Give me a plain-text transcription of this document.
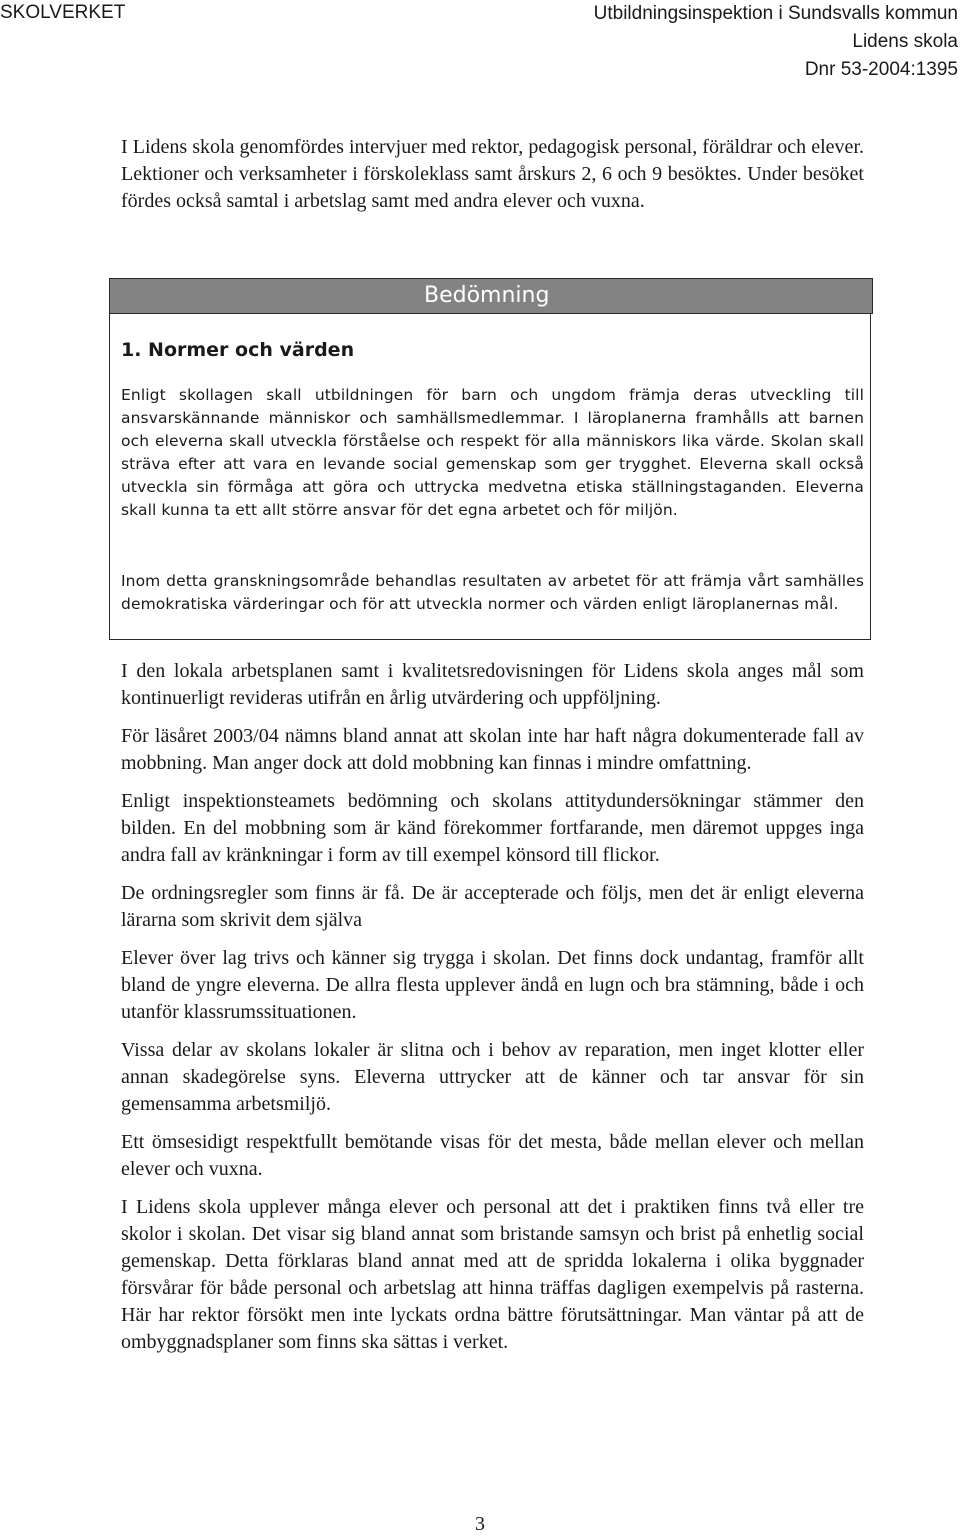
SKOLVERKET	Utbildningsinspektion i Sundsvalls kommun
Lidens skola
Dnr 53-2004:1395

I Lidens skola genomfördes intervjuer med rektor, pedagogisk personal, föräldrar och elever. Lektioner och verksamheter i förskoleklass samt årskurs 2, 6 och 9 besöktes. Under besöket fördes också samtal i arbetslag samt med andra elever och vuxna.

Bedömning
1. Normer och värden

Enligt skollagen skall utbildningen för barn och ungdom främja deras utveckling till ansvarskännande människor och samhällsmedlemmar. I läroplanerna framhålls att barnen och eleverna skall utveckla förståelse och respekt för alla människors lika värde. Skolan skall sträva efter att vara en levande social gemenskap som ger trygghet. Eleverna skall också utveckla sin förmåga att göra och uttrycka medvetna etiska ställningstaganden. Eleverna skall kunna ta ett allt större ansvar för det egna arbetet och för miljön.

Inom detta granskningsområde behandlas resultaten av arbetet för att främja vårt samhälles demokratiska värderingar och för att utveckla normer och värden enligt läroplanernas mål.

I den lokala arbetsplanen samt i kvalitetsredovisningen för Lidens skola anges mål som kontinuerligt revideras utifrån en årlig utvärdering och uppföljning.

För läsåret 2003/04 nämns bland annat att skolan inte har haft några dokumenterade fall av mobbning. Man anger dock att dold mobbning kan finnas i mindre omfattning.

Enligt inspektionsteamets bedömning och skolans attitydundersökningar stämmer den bilden. En del mobbning som är känd förekommer fortfarande, men däremot uppges inga andra fall av kränkningar i form av till exempel könsord till flickor.

De ordningsregler som finns är få. De är accepterade och följs, men det är enligt eleverna lärarna som skrivit dem själva

Elever över lag trivs och känner sig trygga i skolan. Det finns dock undantag, framför allt bland de yngre eleverna. De allra flesta upplever ändå en lugn och bra stämning, både i och utanför klassrumssituationen.

Vissa delar av skolans lokaler är slitna och i behov av reparation, men inget klotter eller annan skadegörelse syns. Eleverna uttrycker att de känner och tar ansvar för sin gemensamma arbetsmiljö.

Ett ömsesidigt respektfullt bemötande visas för det mesta, både mellan elever och mellan elever och vuxna.

I Lidens skola upplever många elever och personal att det i praktiken finns två eller tre skolor i skolan. Det visar sig bland annat som bristande samsyn och brist på enhetlig social gemenskap. Detta förklaras bland annat med att de spridda lokalerna i olika byggnader försvårar för både personal och arbetslag att hinna träffas dagligen exempelvis på rasterna. Här har rektor försökt men inte lyckats ordna bättre förutsättningar. Man väntar på att de ombyggnadsplaner som finns ska sättas i verket.

3
